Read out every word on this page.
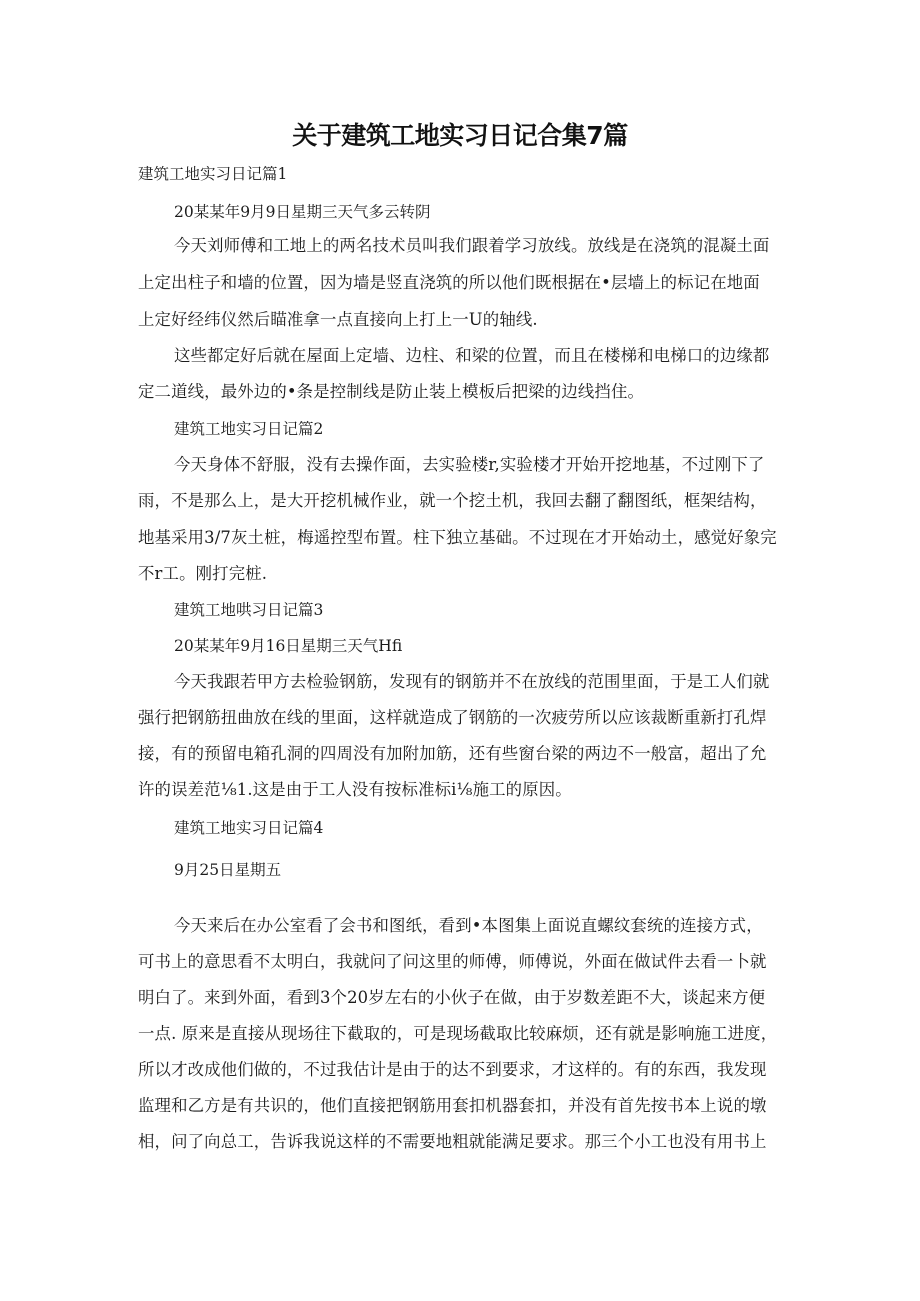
关于建筑工地实习日记合集7篇
建筑工地实习日记篇1
20某某年9月9日星期三天气多云转阴
今天刘师傅和工地上的两名技术员叫我们跟着学习放线。放线是在浇筑的混凝土面
上定出柱子和墙的位置，因为墙是竖直浇筑的所以他们既根据在•层墙上的标记在地面
上定好经纬仪然后瞄准拿一点直接向上打上一U的轴线.
这些都定好后就在屋面上定墙、边柱、和梁的位置，而且在楼梯和电梯口的边缘都
定二道线，最外边的•条是控制线是防止装上模板后把梁的边线挡住。
建筑工地实习日记篇2
今天身体不舒服，没有去操作面，去实验楼r,实验楼才开始开挖地基，不过刚下了
雨，不是那么上，是大开挖机械作业，就一个挖土机，我回去翻了翻图纸，框架结构，
地基采用3/7灰土桩，梅遥控型布置。柱下独立基础。不过现在才开始动土，感觉好象完
不r工。刚打完桩.
建筑工地哄习日记篇3
20某某年9月16日星期三天气Hfi
今天我跟若甲方去检验钢筋，发现有的钢筋并不在放线的范围里面，于是工人们就
强行把钢筋扭曲放在线的里面，这样就造成了钢筋的一次疲劳所以应该裁断重新打孔焊
接，有的预留电箱孔洞的四周没有加附加筋，还有些窗台梁的两边不一般富，超出了允
许的误差范⅛1.这是由于工人没有按标准标i⅛施工的原因。
建筑工地实习日记篇4
9月25日星期五
今天来后在办公室看了会书和图纸，看到•本图集上面说直螺纹套统的连接方式，
可书上的意思看不太明白，我就问了问这里的师傅，师傅说，外面在做试件去看一卜就
明白了。来到外面，看到3个20岁左右的小伙子在做，由于岁数差距不大，谈起来方便
一点. 原来是直接从现场往下截取的，可是现场截取比较麻烦，还有就是影响施工进度，
所以才改成他们做的，不过我估计是由于的达不到要求，才这样的。有的东西，我发现
监理和乙方是有共识的，他们直接把钢筋用套扣机器套扣，并没有首先按书本上说的墩
相，问了向总工，告诉我说这样的不需要地粗就能满足要求。那三个小工也没有用书上
